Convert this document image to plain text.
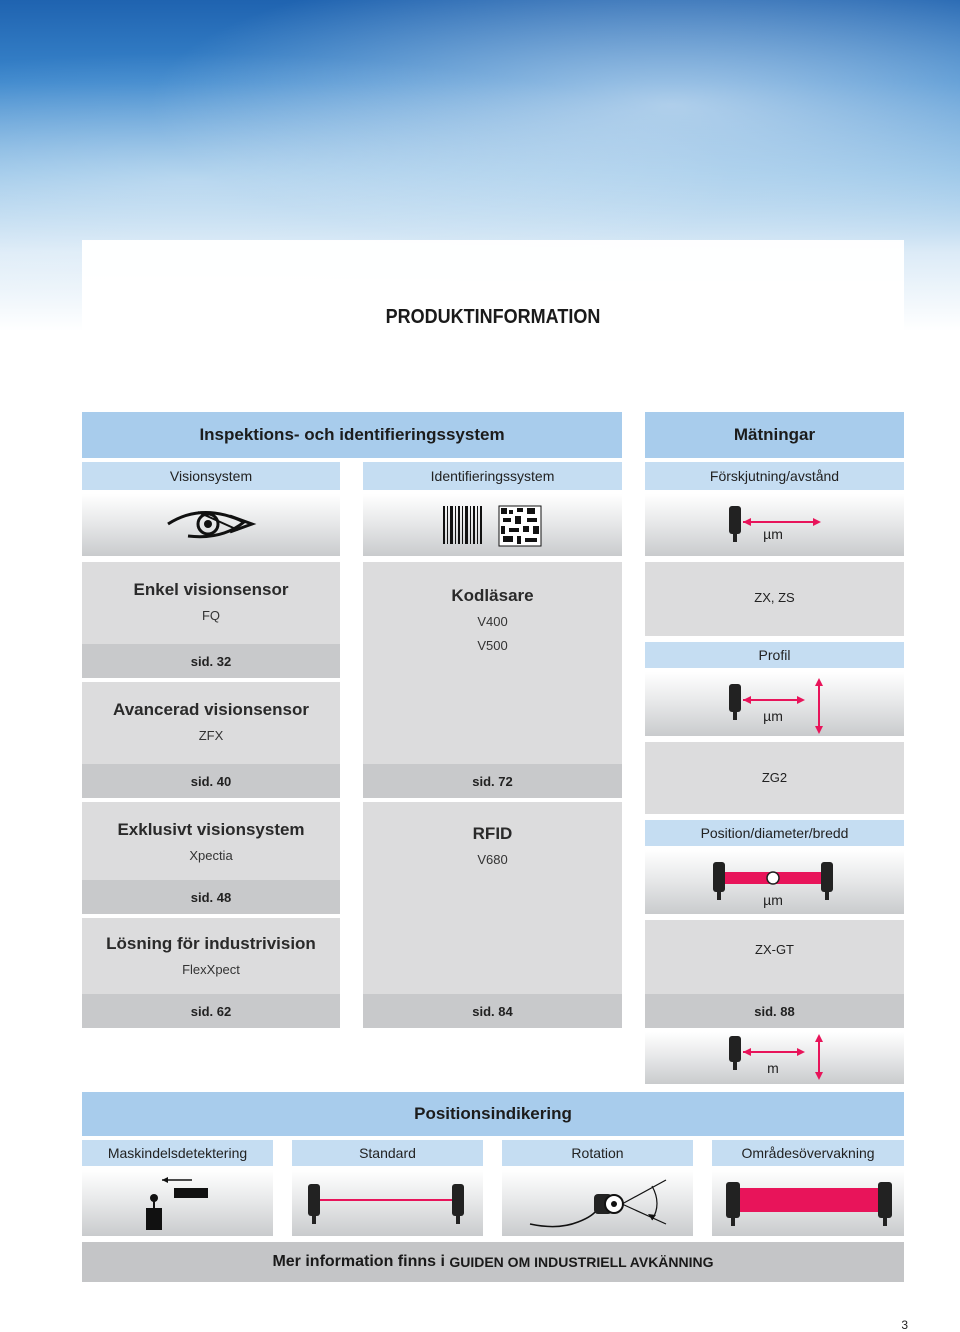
PRODUKTINFORMATION
Inspektions- och identifieringssystem	Mätningar
Visionsystem	Identifieringssystem	Förskjutning/avstånd
µm
Enkel visionsensor
FQ
sid. 32
Avancerad visionsensor
ZFX
sid. 40
Exklusivt visionsystem
Xpectia
sid. 48
Lösning för industrivision
FlexXpect
sid. 62
Kodläsare
V400
V500
sid. 72
RFID
V680
sid. 84
ZX, ZS
Profil
µm
ZG2
Position/diameter/bredd
µm
ZX-GT
sid. 88
m
Positionsindikering
Maskindelsdetektering	Standard	Rotation	Områdesövervakning
Mer information finns i GUIDEN OM INDUSTRIELL AVKÄNNING
3
